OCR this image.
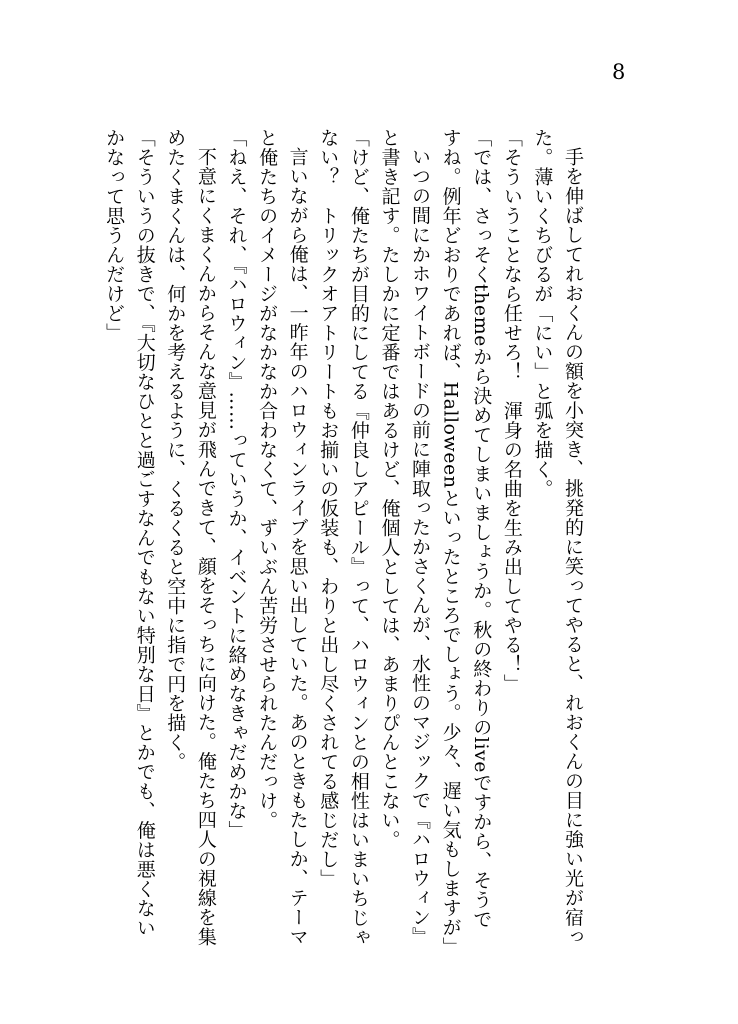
8

手を伸ばしてれおくんの額を小突き、挑発的に笑ってやると、れおくんの目に強い光が宿った。薄いくちびるが「にい」と弧を描く。

「そういうことなら任せろ！　渾身の名曲を生み出してやる！」

「では、さっそくthemeから決めてしまいましょうか。秋の終わりのliveですから、そうですね。例年どおりであれば、Halloweenといったところでしょう。少々、遅い気もしますが」

いつの間にかホワイトボードの前に陣取ったかさくんが、水性のマジックで『ハロウィン』と書き記す。たしかに定番ではあるけど、俺個人としては、あまりぴんとこない。

「けど、俺たちが目的にしてる『仲良しアピール』って、ハロウィンとの相性はいまいちじゃない？　トリックオアトリートもお揃いの仮装も、わりと出し尽くされてる感じだし」

言いながら俺は、一昨年のハロウィンライブを思い出していた。あのときもたしか、テーマと俺たちのイメージがなかなか合わなくて、ずいぶん苦労させられたんだっけ。

「ねえ、それ、『ハロウィン』……っていうか、イベントに絡めなきゃだめかな」

不意にくまくんからそんな意見が飛んできて、顔をそっちに向けた。俺たち四人の視線を集めたくまくんは、何かを考えるように、くるくると空中に指で円を描く。

「そういうの抜きで、『大切なひとと過ごすなんでもない特別な日』とかでも、俺は悪くないかなって思うんだけど」
